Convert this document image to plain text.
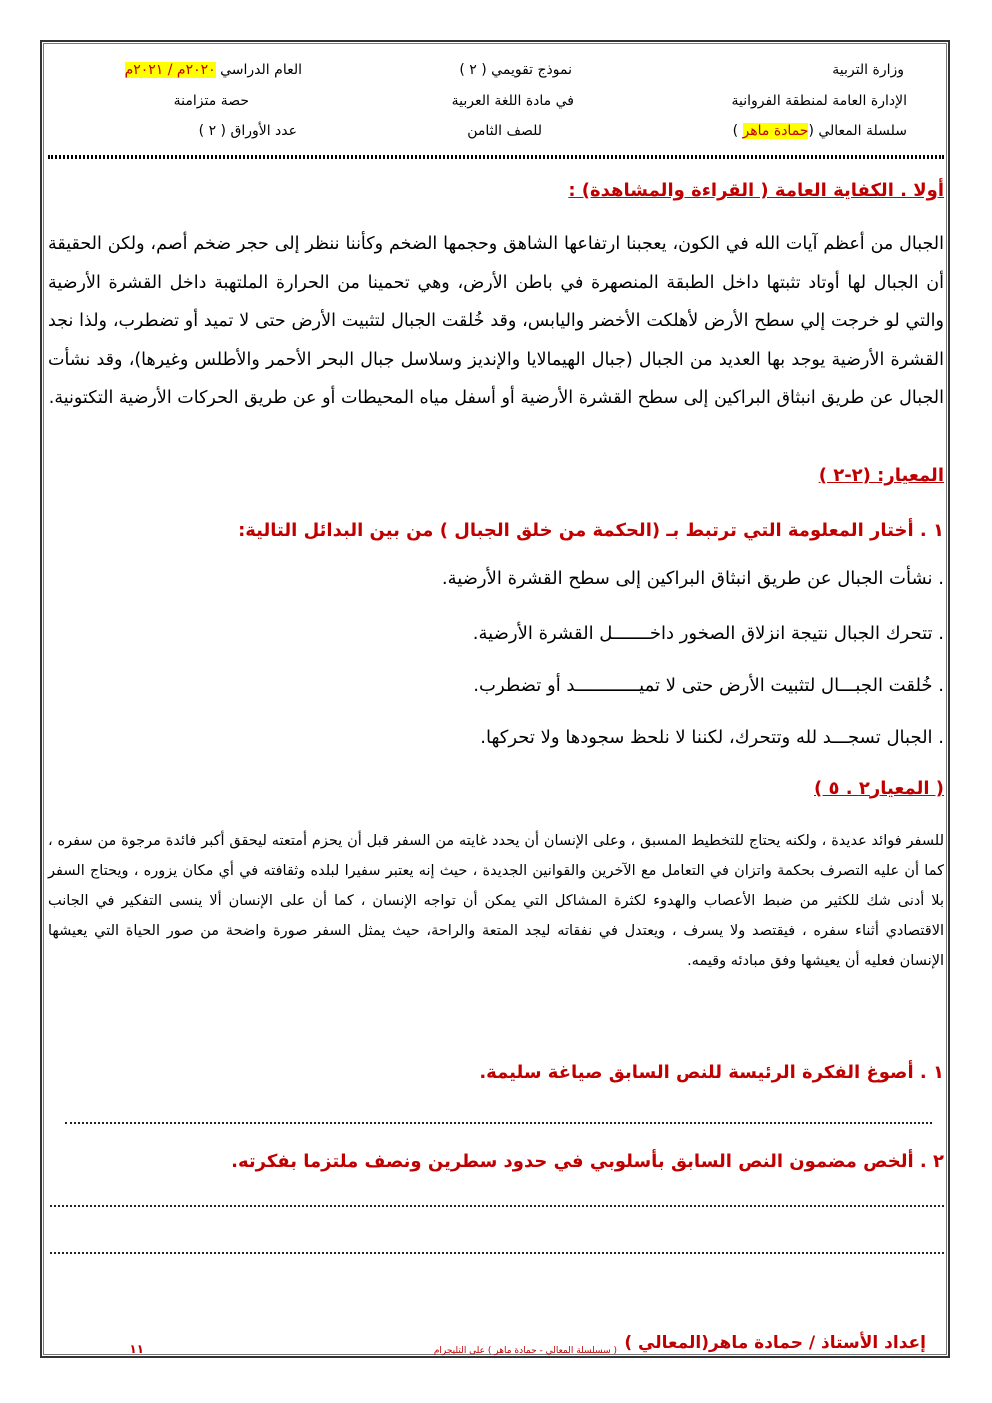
وزارة التربية
الإدارة العامة لمنطقة الفروانية
سلسلة المعالي (حمادة ماهر )
نموذج تقويمي ( ٢ )
في مادة اللغة العربية
للصف الثامن
العام الدراسي ٢٠٢٠م / ٢٠٢١م
حصة متزامنة
عدد الأوراق ( ٢ )
أولا . الكفاية العامة ( القراءة والمشاهدة) :
الجبال من أعظم آيات الله في الكون، يعجبنا ارتفاعها الشاهق وحجمها الضخم وكأننا ننظر إلى حجر ضخم أصم، ولكن الحقيقة أن الجبال لها أوتاد تثبتها داخل الطبقة المنصهرة في باطن الأرض، وهي تحمينا من الحرارة الملتهبة داخل القشرة الأرضية والتي لو خرجت إلي سطح الأرض لأهلكت الأخضر واليابس، وقد خُلقت الجبال لتثبيت الأرض حتى لا تميد أو تضطرب، ولذا نجد القشرة الأرضية يوجد بها العديد من الجبال (جبال الهيمالايا والإنديز وسلاسل جبال البحر الأحمر والأطلس وغيرها)، وقد نشأت الجبال عن طريق انبثاق البراكين إلى سطح القشرة الأرضية أو أسفل مياه المحيطات أو عن طريق الحركات الأرضية التكتونية.
المعيار: (٢-٢ )
١ . أختار المعلومة التي ترتبط بـ (الحكمة من خلق الجبال ) من بين البدائل التالية:
. نشأت الجبال عن طريق انبثاق البراكين إلى سطح القشرة الأرضية.
. تتحرك الجبال نتيجة انزلاق الصخور داخـــــــل القشرة الأرضية.
. خُلقت الجبـــال لتثبيت الأرض حتى لا تميــــــــــــد أو تضطرب.
. الجبال تسجـــد لله وتتحرك، لكننا لا نلحظ سجودها ولا تحركها.
( المعيار٢ . ٥ )
للسفر فوائد عديدة ، ولكنه يحتاج للتخطيط المسبق ، وعلى الإنسان أن يحدد غايته من السفر قبل أن يحزم أمتعته ليحقق أكبر فائدة مرجوة من سفره ، كما أن عليه التصرف بحكمة واتزان في التعامل مع الآخرين والقوانين الجديدة ، حيث إنه يعتبر سفيرا لبلده وثقافته في أي مكان يزوره ، ويحتاج السفر بلا أدنى شك للكثير من ضبط الأعصاب والهدوء لكثرة المشاكل التي يمكن أن تواجه الإنسان ، كما أن على الإنسان ألا ينسى التفكير في الجانب الاقتصادي أثناء سفره ، فيقتصد ولا يسرف ، ويعتدل في نفقاته ليجد المتعة والراحة، حيث يمثل السفر صورة واضحة من صور الحياة التي يعيشها الإنسان فعليه أن يعيشها وفق مبادئه وقيمه.
١ . أصوغ الفكرة الرئيسة للنص السابق صياغة سليمة.
٢ . ألخص مضمون النص السابق بأسلوبي في حدود سطرين ونصف ملتزما بفكرته.
إعداد الأستاذ / حمادة ماهر(المعالي )
( سسلسلة المعالي - حمادة ماهر ) على التليجرام
١١
